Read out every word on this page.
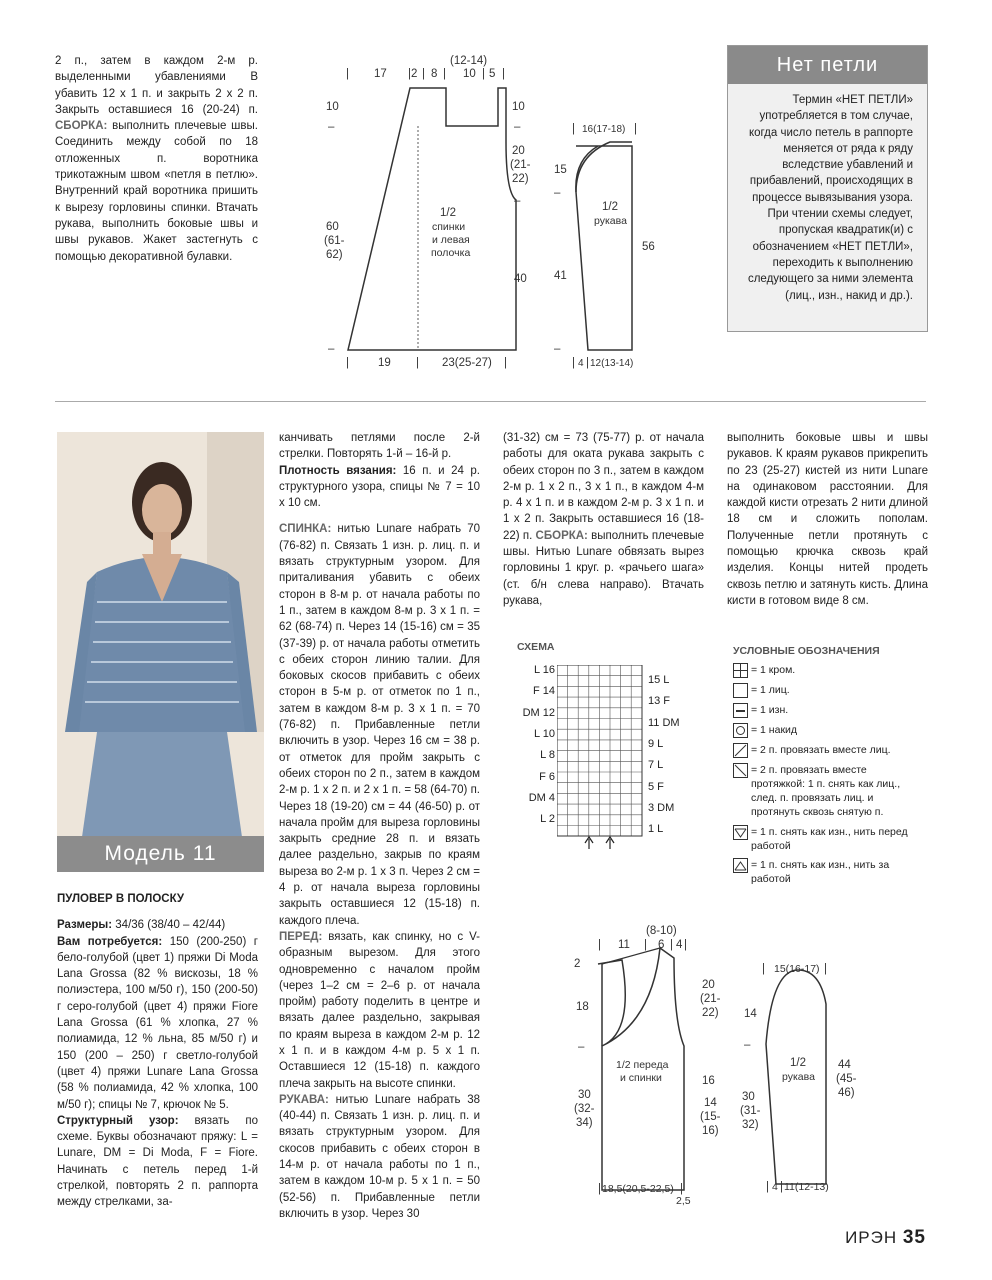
2 п., затем в каждом 2-м р. выделенными убавлениями В убавить 12 х 1 п. и закрыть 2 х 2 п. Закрыть оставшиеся 16 (20-24) п. СБОРКА: выполнить плечевые швы. Соединить между собой по 18 отложенных п. воротника трикотажным швом «петля в петлю». Внутренний край воротника пришить к вырезу горловины спинки. Втачать рукава, выполнить боковые швы и швы рукавов. Жакет застегнуть с помощью декоративной булавки.
(12-14)
17 2 8 10 5
|	| | |	| |
10
–
60
(61-
62)
–
10
–
20
(21-
22)
–
40
|	19 | 23(25-27) |
1/2
спинки
и левая
полочка
| 16(17-18) |
15
–
41
–
56
1/2
рукава
| 4 | 12(13-14)
Нет петли
Термин «НЕТ ПЕТЛИ» употребляется в том случае, когда число петель в раппорте меняется от ряда к ряду вследствие убавлений и прибавлений, происходящих в процессе вывязывания узора. При чтении схемы следует, пропуская квадратик(и) с обозначением «НЕТ ПЕТЛИ», переходить к выполнению следующего за ними элемента (лиц., изн., накид и др.).
Модель 11
ПУЛОВЕР В ПОЛОСКУ
Размеры: 34/36 (38/40 – 42/44)
Вам потребуется: 150 (200-250) г бело-голубой (цвет 1) пряжи Di Moda Lana Grossa (82 % вискозы, 18 % полиэстера, 100 м/50 г), 150 (200-50) г серо-голубой (цвет 4) пряжи Fiore Lana Grossa (61 % хлопка, 27 % полиамида, 12 % льна, 85 м/50 г) и 150 (200 – 250) г светло-голубой (цвет 4) пряжи Lunare Lana Grossa (58 % полиамида, 42 % хлопка, 100 м/50 г); спицы № 7, крючок № 5.
Структурный узор: вязать по схеме. Буквы обозначают пряжу: L = Lunare, DM = Di Moda, F = Fiore. Начинать с петель перед 1-й стрелкой, повторять 2 п. раппорта между стрелками, за-
канчивать петлями после 2-й стрелки. Повторять 1-й – 16-й р.
Плотность вязания: 16 п. и 24 р. структурного узора, спицы № 7 = 10 х 10 см.
СПИНКА: нитью Lunare набрать 70 (76-82) п. Связать 1 изн. р. лиц. п. и вязать структурным узором. Для приталивания убавить с обеих сторон в 8-м р. от начала работы по 1 п., затем в каждом 8-м р. 3 х 1 п. = 62 (68-74) п. Через 14 (15-16) см = 35 (37-39) р. от начала работы отметить с обеих сторон линию талии. Для боковых скосов прибавить с обеих сторон в 5-м р. от отметок по 1 п., затем в каждом 8-м р. 3 х 1 п. = 70 (76-82) п. Прибавленные петли включить в узор. Через 16 см = 38 р. от отметок для пройм закрыть с обеих сторон по 2 п., затем в каждом 2-м р. 1 х 2 п. и 2 х 1 п. = 58 (64-70) п. Через 18 (19-20) см = 44 (46-50) р. от начала пройм для выреза горловины закрыть средние 28 п. и вязать далее раздельно, закрыв по краям выреза во 2-м р. 1 х 3 п. Через 2 см = 4 р. от начала выреза горловины закрыть оставшиеся 12 (15-18) п. каждого плеча.
ПЕРЕД: вязать, как спинку, но с V-образным вырезом. Для этого одновременно с началом пройм (через 1–2 см = 2–6 р. от начала пройм) работу поделить в центре и вязать далее раздельно, закрывая по краям выреза в каждом 2-м р. 12 х 1 п. и в каждом 4-м р. 5 х 1 п. Оставшиеся 12 (15-18) п. каждого плеча закрыть на высоте спинки.
РУКАВА: нитью Lunare набрать 38 (40-44) п. Связать 1 изн. р. лиц. п. и вязать структурным узором. Для скосов прибавить с обеих сторон в 14-м р. от начала работы по 1 п., затем в каждом 10-м р. 5 х 1 п. = 50 (52-56) п. Прибавленные петли включить в узор. Через 30
(31-32) см = 73 (75-77) р. от начала работы для оката рукава закрыть с обеих сторон по 3 п., затем в каждом 2-м р. 1 х 2 п., 3 х 1 п., в каждом 4-м р. 4 х 1 п. и в каждом 2-м р. 3 х 1 п. и 1 х 2 п. Закрыть оставшиеся 16 (18-22) п. СБОРКА: выполнить плечевые швы. Нитью Lunare обвязать вырез горловины 1 круг. р. «рачьего шага» (ст. б/н слева направо). Втачать рукава,
выполнить боковые швы и швы рукавов. К краям рукавов прикрепить по 23 (25-27) кистей из нити Lunare на одинаковом расстоянии. Для каждой кисти отрезать 2 нити длиной 18 см и сложить пополам. Полученные петли протянуть с помощью крючка сквозь край изделия. Концы нитей продеть сквозь петлю и затянуть кисть. Длина кисти в готовом виде 8 см.
СХЕМА
L 16
F 14
DM 12
L 10
L 8
F 6
DM 4
L 2
15 L
13 F
11 DM
9 L
7 L
5 F
3 DM
1 L
УСЛОВНЫЕ ОБОЗНАЧЕНИЯ
= 1 кром.
= 1 лиц.
= 1 изн.
= 1 накид
= 2 п. провязать вместе лиц.
= 2 п. провязать вместе протяжкой: 1 п. снять как лиц., след. п. провязать лиц. и протянуть сквозь снятую п.
= 1 п. снять как изн., нить перед работой
= 1 п. снять как изн., нить за работой
(8-10)
| 11 | 6 | 4 |
2
18
–
30
(32-
34)
20
(21-
22)
16
14
(15-
16)
1/2 переда
и спинки
| 18,5(20,5-22,5) |
2,5
| 15(16-17) |
14
–
30
(31-
32)
44
(45-
46)
1/2
рукава
| 4 | 11(12-13)
ИРЭН 35
